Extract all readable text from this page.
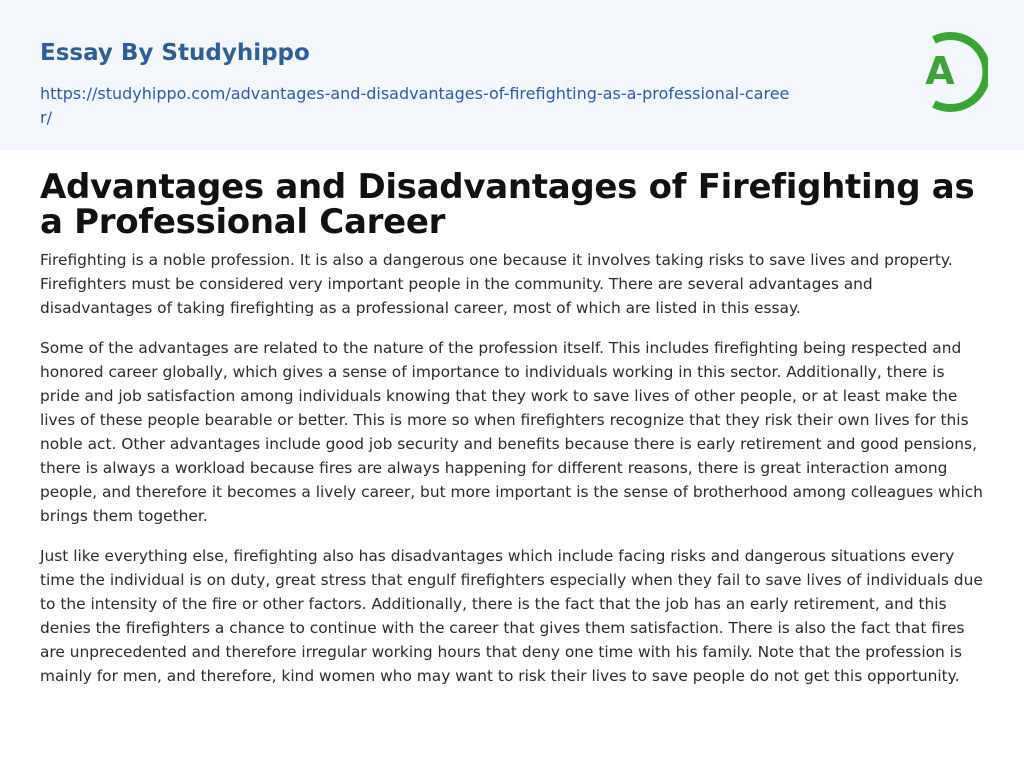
Essay By Studyhippo
https://studyhippo.com/advantages-and-disadvantages-of-firefighting-as-a-professional-career/
A
Advantages and Disadvantages of Firefighting as a Professional Career

Firefighting is a noble profession. It is also a dangerous one because it involves taking risks to save lives and property. Firefighters must be considered very important people in the community. There are several advantages and disadvantages of taking firefighting as a professional career, most of which are listed in this essay.

Some of the advantages are related to the nature of the profession itself. This includes firefighting being respected and honored career globally, which gives a sense of importance to individuals working in this sector. Additionally, there is pride and job satisfaction among individuals knowing that they work to save lives of other people, or at least make the lives of these people bearable or better. This is more so when firefighters recognize that they risk their own lives for this noble act. Other advantages include good job security and benefits because there is early retirement and good pensions, there is always a workload because fires are always happening for different reasons, there is great interaction among people, and therefore it becomes a lively career, but more important is the sense of brotherhood among colleagues which brings them together.

Just like everything else, firefighting also has disadvantages which include facing risks and dangerous situations every time the individual is on duty, great stress that engulf firefighters especially when they fail to save lives of individuals due to the intensity of the fire or other factors. Additionally, there is the fact that the job has an early retirement, and this denies the firefighters a chance to continue with the career that gives them satisfaction. There is also the fact that fires are unprecedented and therefore irregular working hours that deny one time with his family. Note that the profession is mainly for men, and therefore, kind women who may want to risk their lives to save people do not get this opportunity.
